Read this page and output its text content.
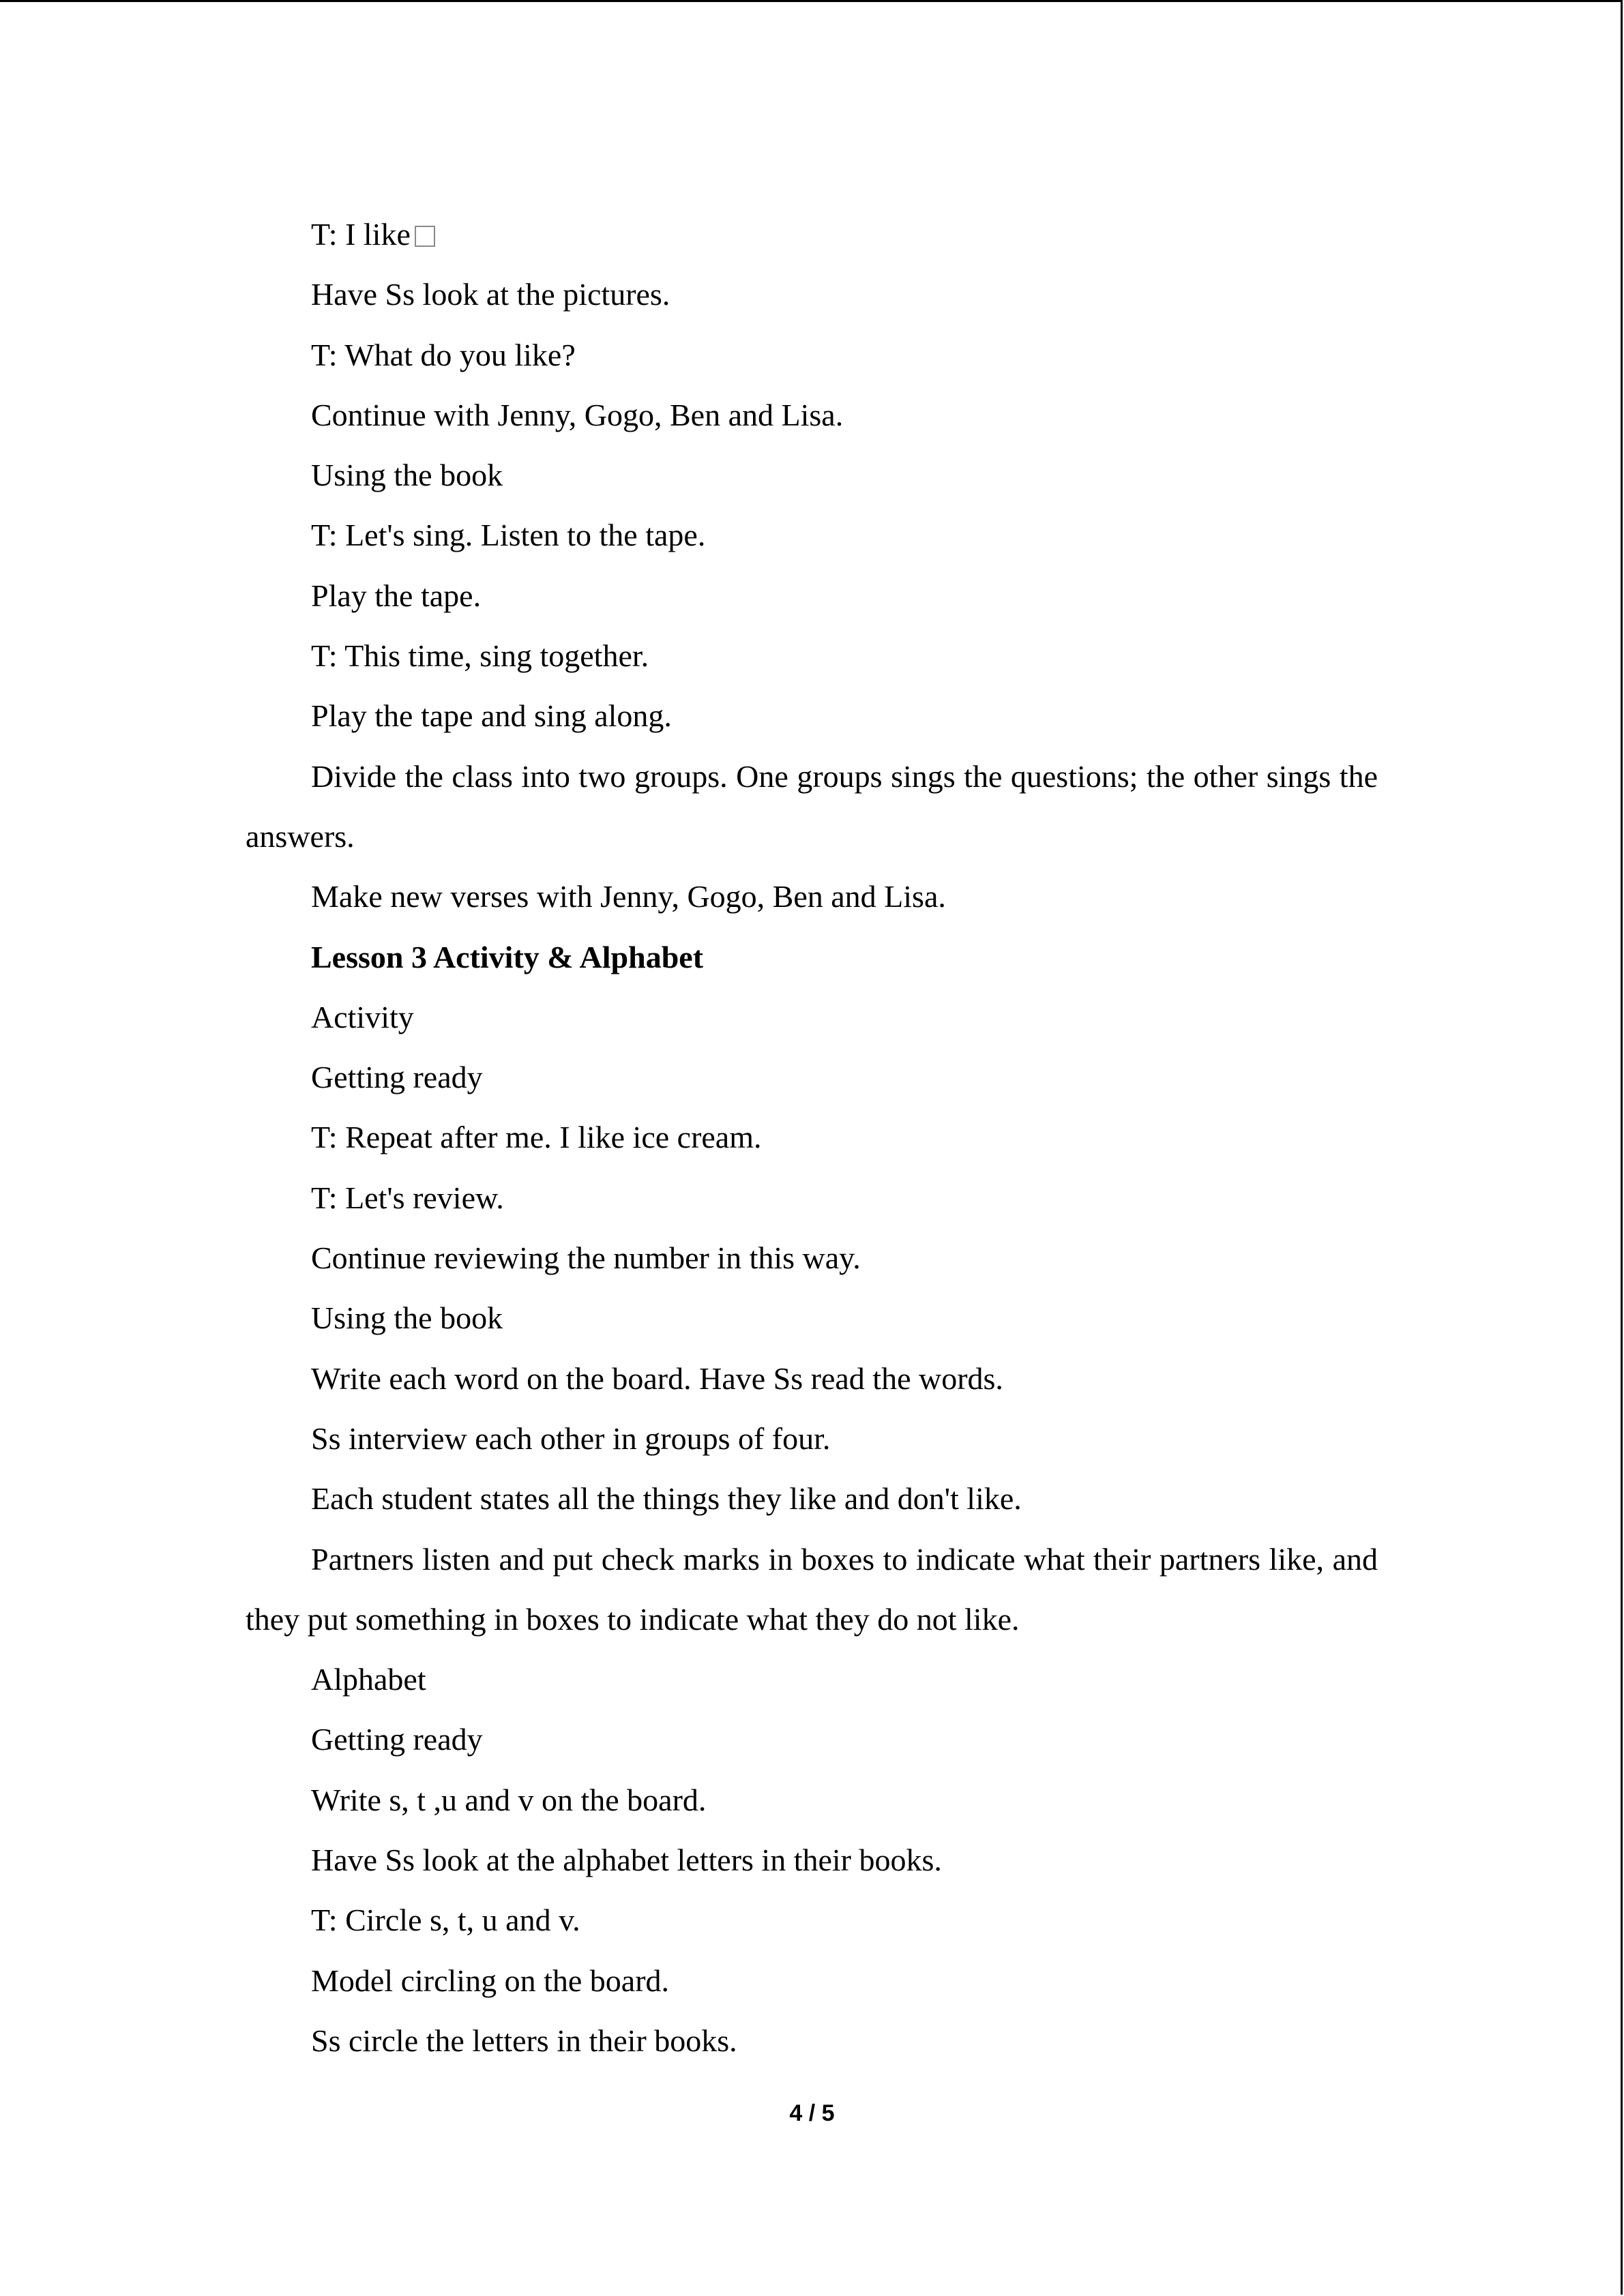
T: I like

Have Ss look at the pictures.

T: What do you like?

Continue with Jenny, Gogo, Ben and Lisa.

Using the book

T: Let's sing. Listen to the tape.

Play the tape.

T: This time, sing together.

Play the tape and sing along.

Divide the class into two groups. One groups sings the questions; the other sings the answers.

Make new verses with Jenny, Gogo, Ben and Lisa.

Lesson 3 Activity & Alphabet

Activity

Getting ready

T: Repeat after me. I like ice cream.

T: Let's review.

Continue reviewing the number in this way.

Using the book

Write each word on the board. Have Ss read the words.

Ss interview each other in groups of four.

Each student states all the things they like and don't like.

Partners listen and put check marks in boxes to indicate what their partners like, and they put something in boxes to indicate what they do not like.

Alphabet

Getting ready

Write s, t ,u and v on the board.

Have Ss look at the alphabet letters in their books.

T: Circle s, t, u and v.

Model circling on the board.

Ss circle the letters in their books.

4 / 5
